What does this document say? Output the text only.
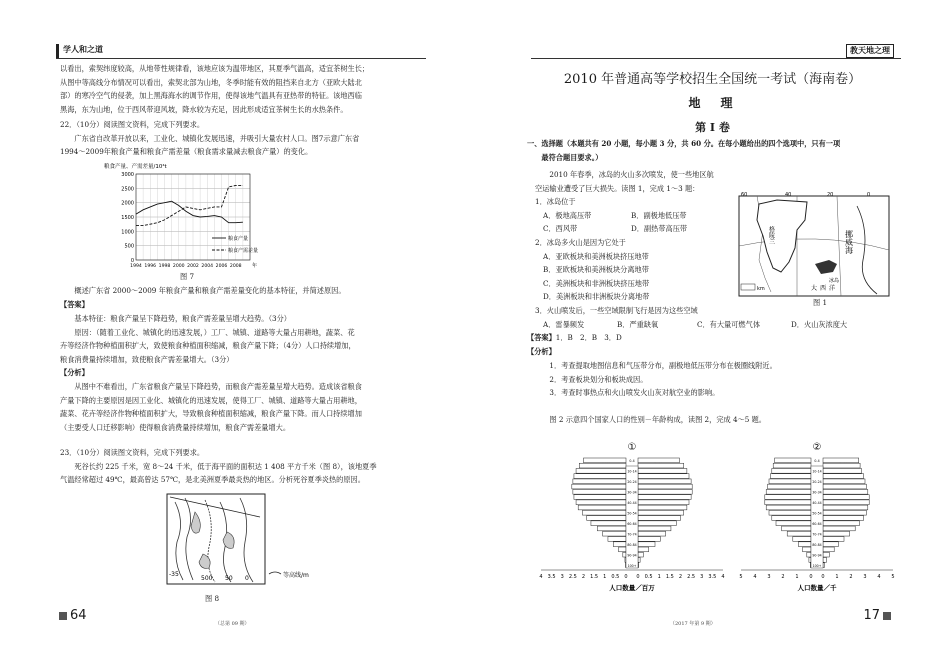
学人和之道
以看出，索契纬度较高，从地带性规律看，该地应该为温带地区，其夏季气温高，适宜茶树生长；
从图中等高线分布情况可以看出，索契北部为山地，冬季时能有效的阻挡来自北方（亚欧大陆北
部）的寒冷空气的侵袭，加上黑海海水的调节作用，使得该地气温具有亚热带的特征。该地西临
黑海，东为山地，位于西风带迎风坡，降水较为充足，因此形成适宜茶树生长的水热条件。
22．（10分）阅读图文资料，完成下列要求。
　　广东省自改革开放以来，工业化、城镇化发展迅速，并吸引大量农村人口。图7示意广东省
1994～2009年粮食产量和粮食产需差量（粮食需求量减去粮食产量）的变化。
粮食产量、产需差量/10⁴t
0
500
1000
1500
2000
2500
3000
1994 1996 1998 2000 2002 2004 2006 2008 年
粮食产量
粮食产需差量
图 7
　　概述广东省 2000～2009 年粮食产量和粮食产需差量变化的基本特征，并简述原因。
【答案】
　　基本特征：粮食产量呈下降趋势，粮食产需差量呈增大趋势。（3分）
　　原因：（随着工业化、城镇化的迅速发展，）工厂、城镇、道路等大量占用耕地，蔬菜、花
卉等经济作物种植面积扩大，致使粮食种植面积缩减，粮食产量下降；（4分）人口持续增加，
粮食消费量持续增加，致使粮食产需差量增大。（3分）
【分析】
　　从图中不难看出，广东省粮食产量呈下降趋势，而粮食产需差量呈增大趋势。造成该省粮食
产量下降的主要原因是因工业化、城镇化的迅速发展，使得工厂、城镇、道路等大量占用耕地，
蔬菜、花卉等经济作物种植面积扩大，导致粮食种植面积缩减，粮食产量下降。而人口持续增加
（主要受人口迁移影响）使得粮食消费量持续增加，粮食产需差量增大。
23．（10分）阅读图文资料，完成下列要求。
　　死谷长约 225 千米，宽 8～24 千米，低于海平面的面积达 1 408 平方千米（图 8），该地夏季
气温经常超过 49℃，最高曾达 57℃，是北美洲夏季最炎热的地区。分析死谷夏季炎热的原因。
-35
500 50 0	等高线/m
图 8
64
（总第 09 期）
教天地之理
2010 年普通高等学校招生全国统一考试（海南卷）
地　理
第 I 卷
一、选择题（本题共有 20 小题，每小题 3 分，共 60 分。在每小题给出的四个选项中，只有一项
　　最符合题目要求。）
　　2010 年春季，冰岛的火山多次喷发，使一些地区航
空运输业遭受了巨大损失。读图 1，完成 1～3 题：
1．冰岛位于
A．极地高压带	B．副极地低压带
C．西风带	D．副热带高压带
2．冰岛多火山是因为它处于
A．亚欧板块和美洲板块挤压地带
B．亚欧板块和美洲板块分离地带
C．美洲板块和非洲板块挤压地带
D．美洲板块和非洲板块分离地带
3．火山喷发后，一些空域限制飞行是因为这些空域
A．雷暴频发	B．严重缺氧	C．有大量可燃气体	D．火山灰浓度大
【答案】1．B　2．B　3．D
【分析】
　　1．考查提取地图信息和气压带分布，副极地低压带分布在极圈线附近。
　　2．考查板块划分和板块成因。
　　3．考查时事热点和火山喷发火山灰对航空业的影响。
　　图 2 示意四个国家人口的性别－年龄构成，读图 2，完成 4～5 题。
60	40	20	0
格陵兰	挪威海
冰岛
大西洋
km
图 1
①
100+
90-94
80-84
70-74
60-64
50-54
40-44
30-34
20-24
10-14
0-4
4 3.5 3 2.5 2 1.5 1 0.5 0 0 0.5 1 1.5 2 2.5 3 3.5 4
人口数量／百万
②
100+
90-94
80-84
70-74
60-64
50-54
40-44
30-34
20-24
10-14
0-4
5 4 3 2 1 0 0 1 2 3 4 5
人口数量／千
17
（2017 年第 9 期）
